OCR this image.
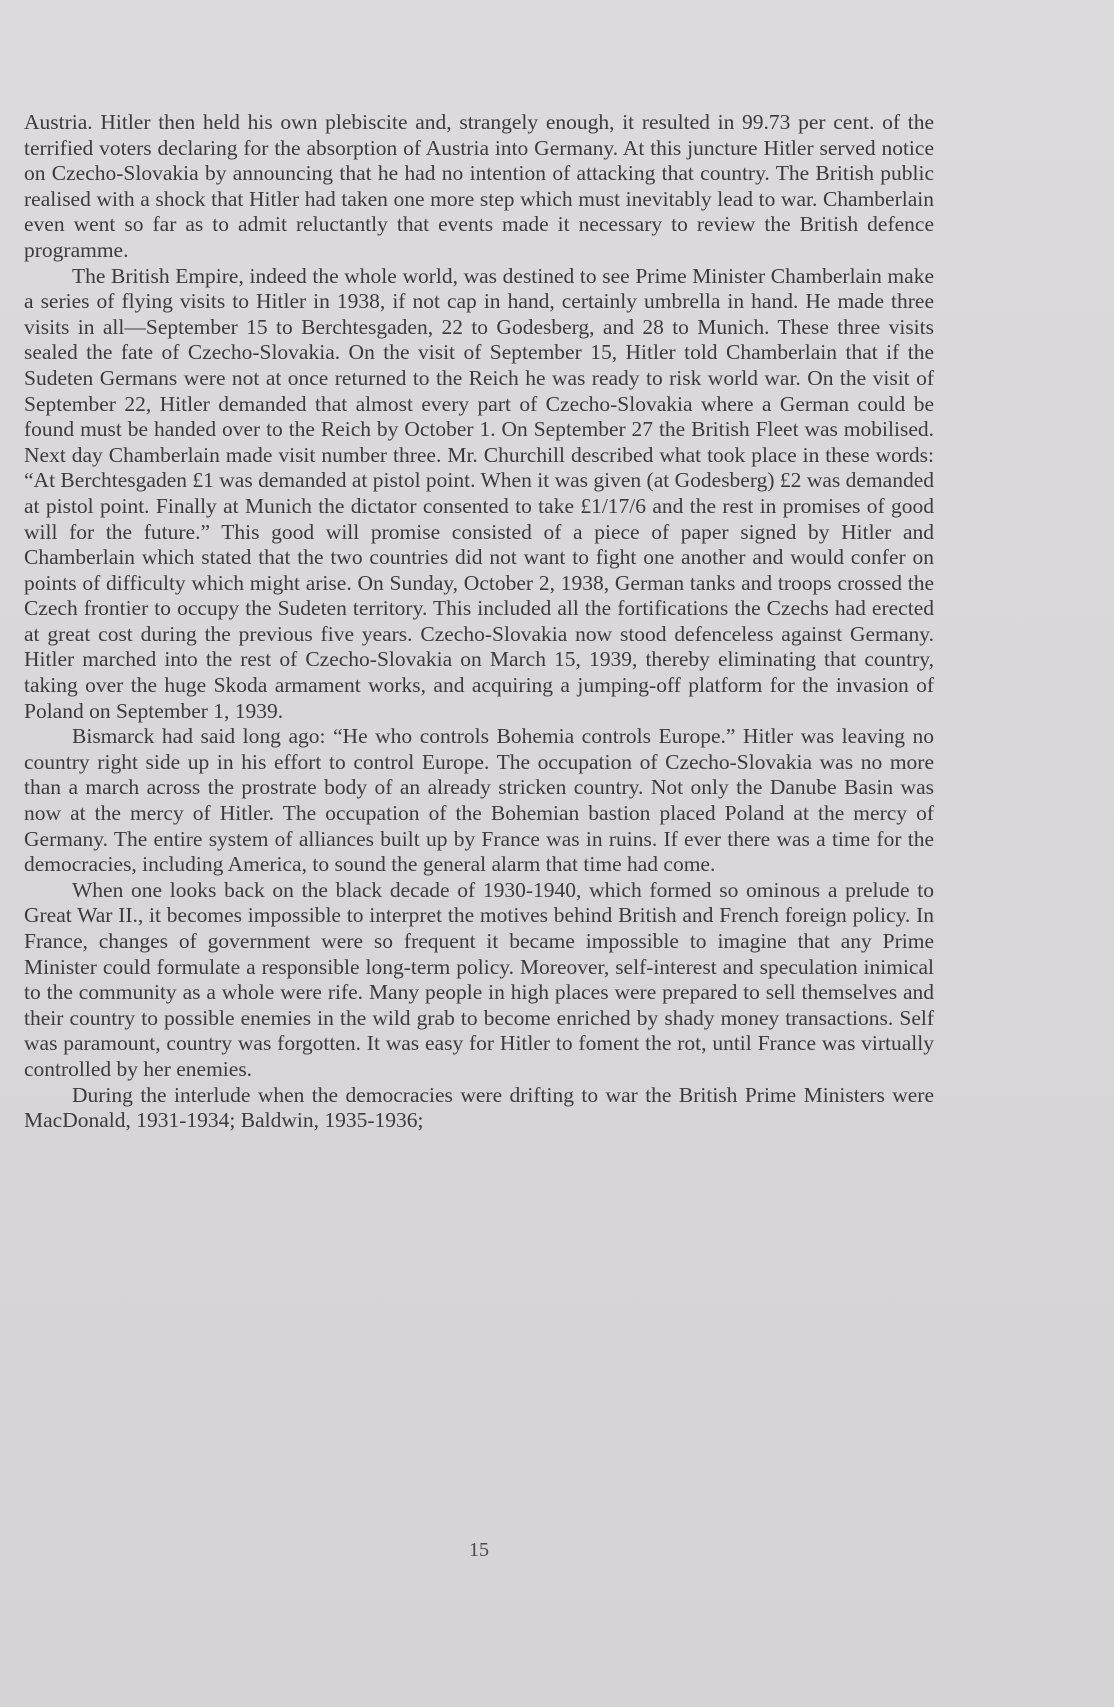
Austria. Hitler then held his own plebiscite and, strangely enough, it resulted in 99.73 per cent. of the terrified voters declaring for the absorption of Austria into Germany. At this juncture Hitler served notice on Czecho-Slovakia by announcing that he had no intention of attacking that country. The British public realised with a shock that Hitler had taken one more step which must inevitably lead to war. Chamberlain even went so far as to admit reluctantly that events made it necessary to review the British defence programme.

The British Empire, indeed the whole world, was destined to see Prime Minister Chamberlain make a series of flying visits to Hitler in 1938, if not cap in hand, certainly umbrella in hand. He made three visits in all—September 15 to Berchtesgaden, 22 to Godesberg, and 28 to Munich. These three visits sealed the fate of Czecho-Slovakia. On the visit of September 15, Hitler told Chamberlain that if the Sudeten Germans were not at once returned to the Reich he was ready to risk world war. On the visit of September 22, Hitler demanded that almost every part of Czecho-Slovakia where a German could be found must be handed over to the Reich by October 1. On September 27 the British Fleet was mobilised. Next day Chamberlain made visit number three. Mr. Churchill described what took place in these words: “At Berchtesgaden £1 was demanded at pistol point. When it was given (at Godesberg) £2 was demanded at pistol point. Finally at Munich the dictator consented to take £1/17/6 and the rest in promises of good will for the future.” This good will promise consisted of a piece of paper signed by Hitler and Chamberlain which stated that the two countries did not want to fight one another and would confer on points of difficulty which might arise. On Sunday, October 2, 1938, German tanks and troops crossed the Czech frontier to occupy the Sudeten territory. This included all the fortifications the Czechs had erected at great cost during the previous five years. Czecho-Slovakia now stood defenceless against Germany. Hitler marched into the rest of Czecho-Slovakia on March 15, 1939, thereby eliminating that country, taking over the huge Skoda armament works, and acquiring a jumping-off platform for the invasion of Poland on September 1, 1939.

Bismarck had said long ago: “He who controls Bohemia controls Europe.” Hitler was leaving no country right side up in his effort to control Europe. The occupation of Czecho-Slovakia was no more than a march across the prostrate body of an already stricken country. Not only the Danube Basin was now at the mercy of Hitler. The occupation of the Bohemian bastion placed Poland at the mercy of Germany. The entire system of alliances built up by France was in ruins. If ever there was a time for the democracies, including America, to sound the general alarm that time had come.

When one looks back on the black decade of 1930-1940, which formed so ominous a prelude to Great War II., it becomes impossible to interpret the motives behind British and French foreign policy. In France, changes of government were so frequent it became impossible to imagine that any Prime Minister could formulate a responsible long-term policy. Moreover, self-interest and speculation inimical to the community as a whole were rife. Many people in high places were prepared to sell themselves and their country to possible enemies in the wild grab to become enriched by shady money transactions. Self was paramount, country was forgotten. It was easy for Hitler to foment the rot, until France was virtually controlled by her enemies.

During the interlude when the democracies were drifting to war the British Prime Ministers were MacDonald, 1931-1934; Baldwin, 1935-1936;

15
